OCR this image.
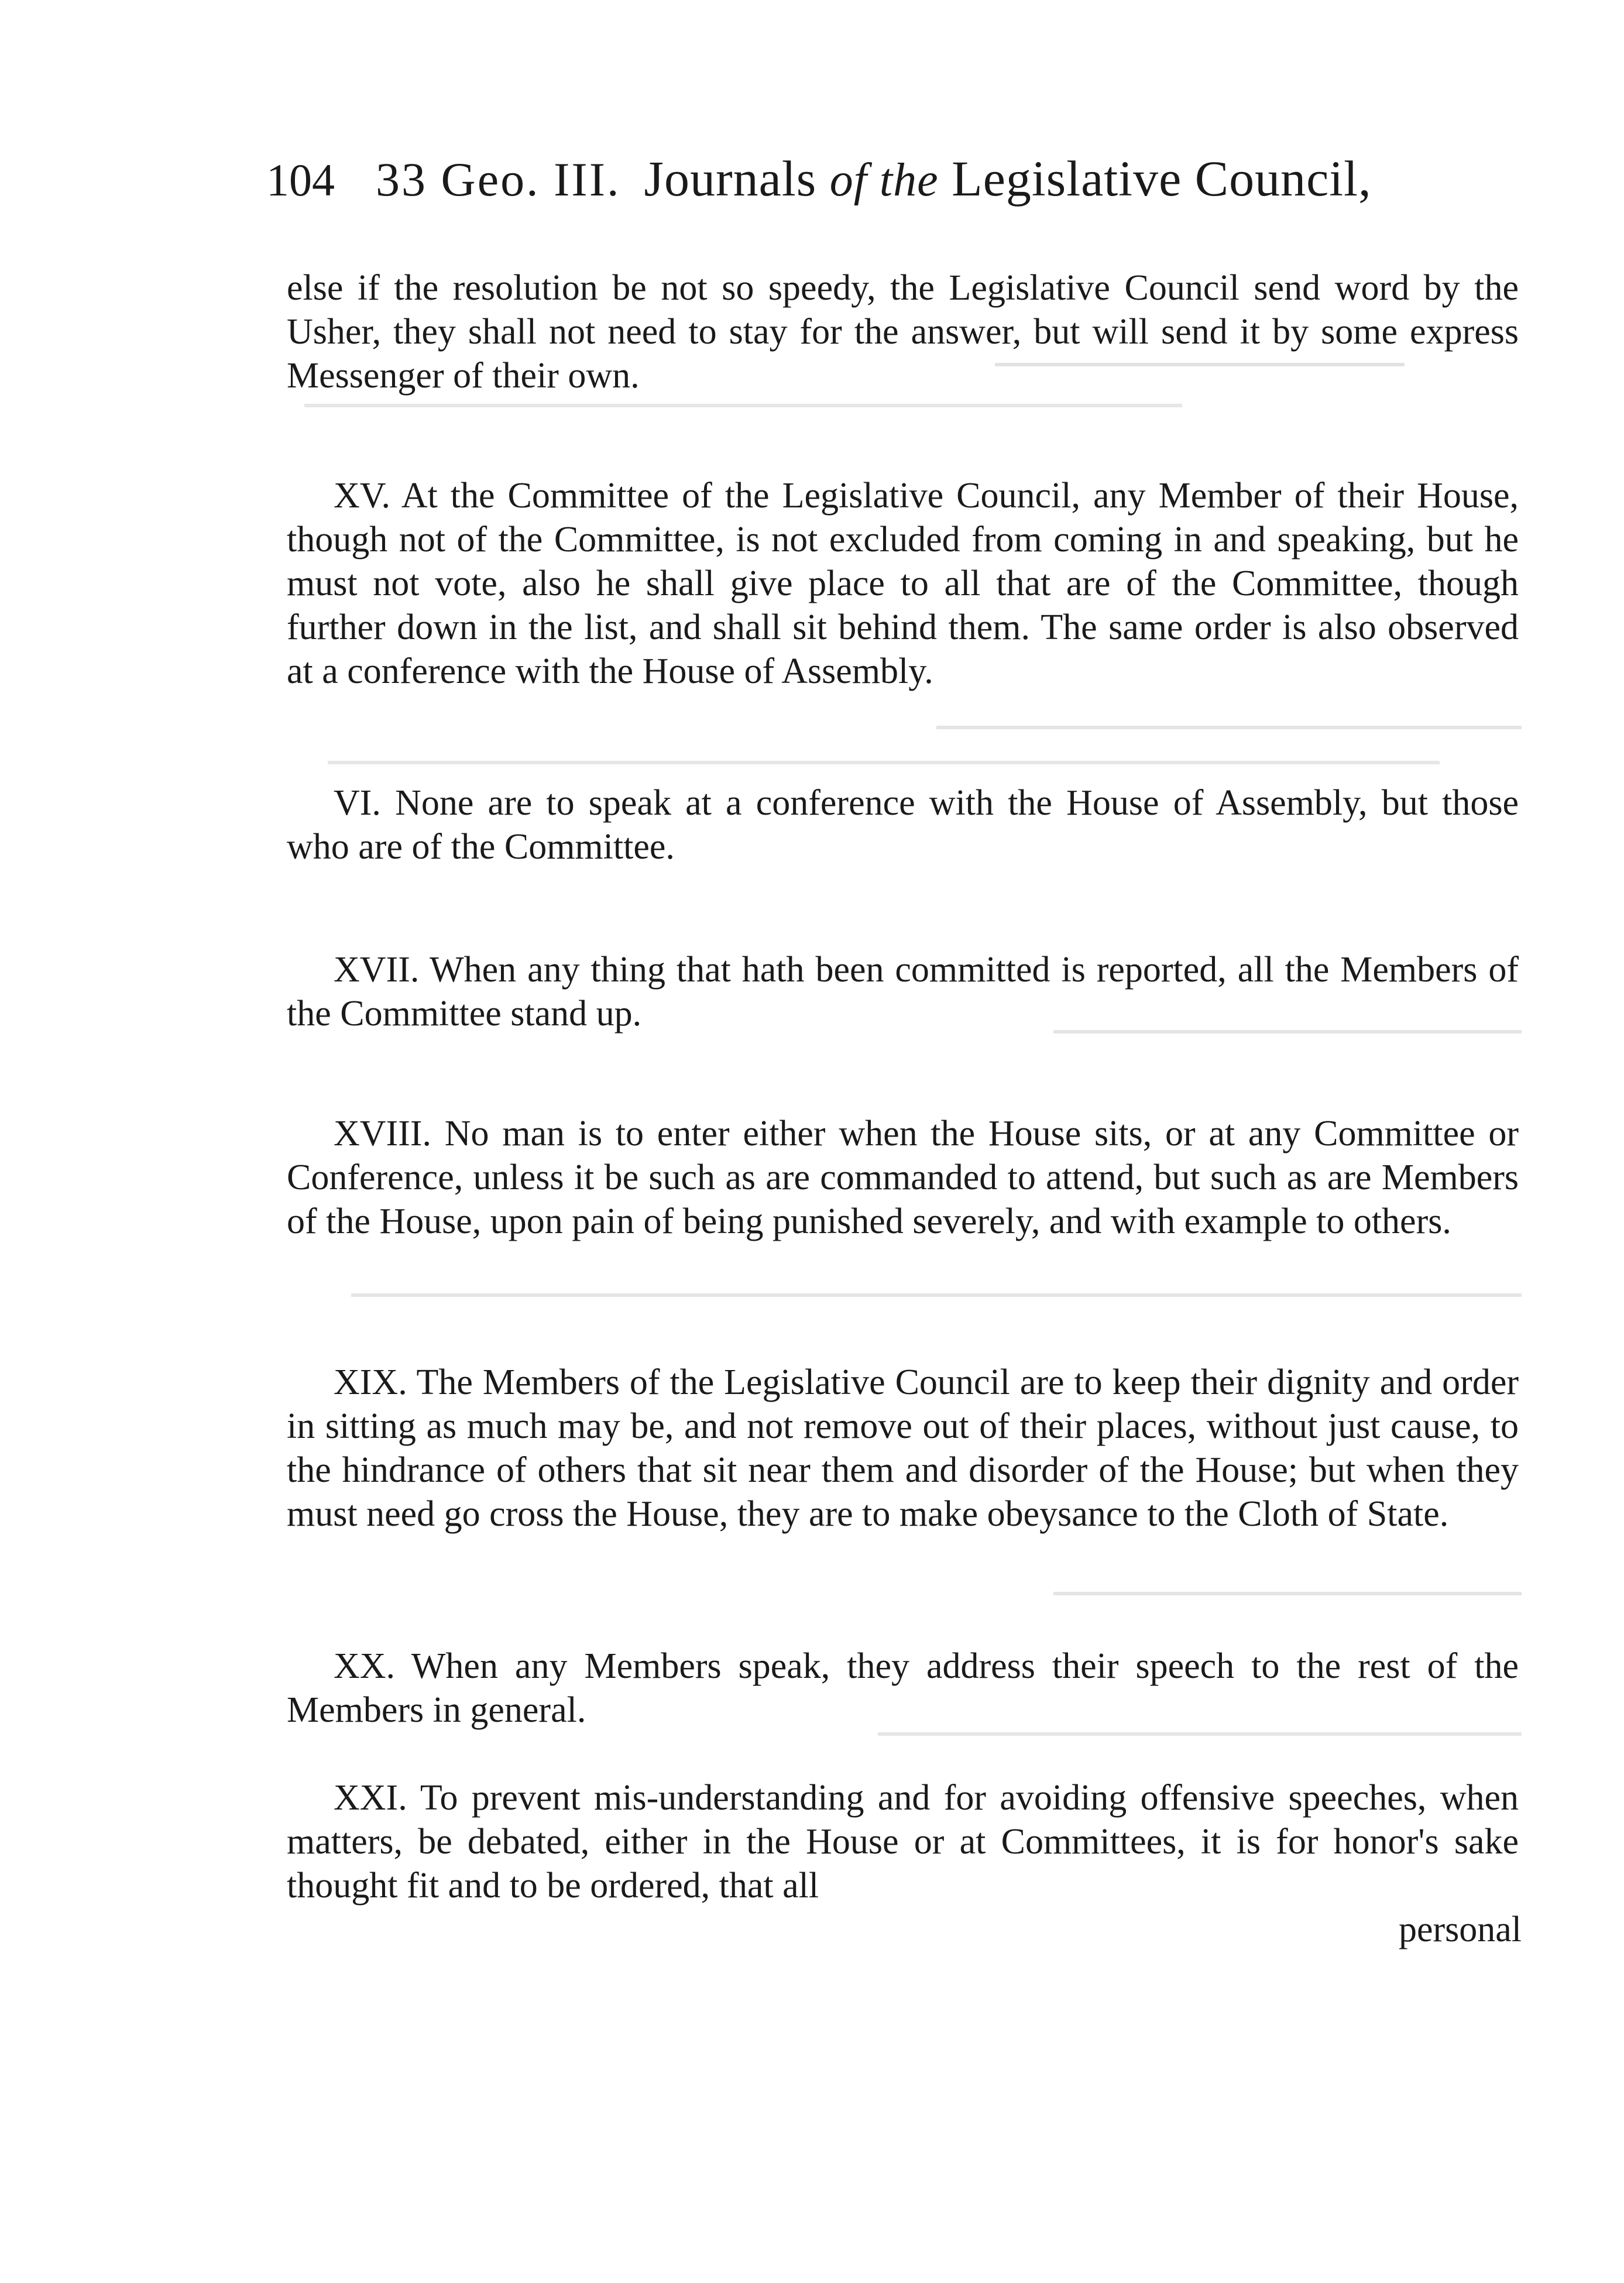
104 33 Geo. III. Journals of the Legislative Council,

else if the resolution be not so speedy, the Legislative Council send word by the Usher, they shall not need to stay for the answer, but will send it by some express Messenger of their own.

XV. At the Committee of the Legislative Council, any Member of their House, though not of the Committee, is not excluded from coming in and speaking, but he must not vote, also he shall give place to all that are of the Committee, though further down in the list, and shall sit behind them. The same order is also observed at a conference with the House of Assembly.

VI. None are to speak at a conference with the House of Assembly, but those who are of the Committee.

XVII. When any thing that hath been committed is reported, all the Members of the Committee stand up.

XVIII. No man is to enter either when the House sits, or at any Committee or Conference, unless it be such as are commanded to attend, but such as are Members of the House, upon pain of being punished severely, and with example to others.

XIX. The Members of the Legislative Council are to keep their dignity and order in sitting as much may be, and not remove out of their places, without just cause, to the hindrance of others that sit near them and disorder of the House; but when they must need go cross the House, they are to make obeysance to the Cloth of State.

XX. When any Members speak, they address their speech to the rest of the Members in general.

XXI. To prevent mis-understanding and for avoiding offensive speeches, when matters, be debated, either in the House or at Committees, it is for honor's sake thought fit and to be ordered, that all

personal
